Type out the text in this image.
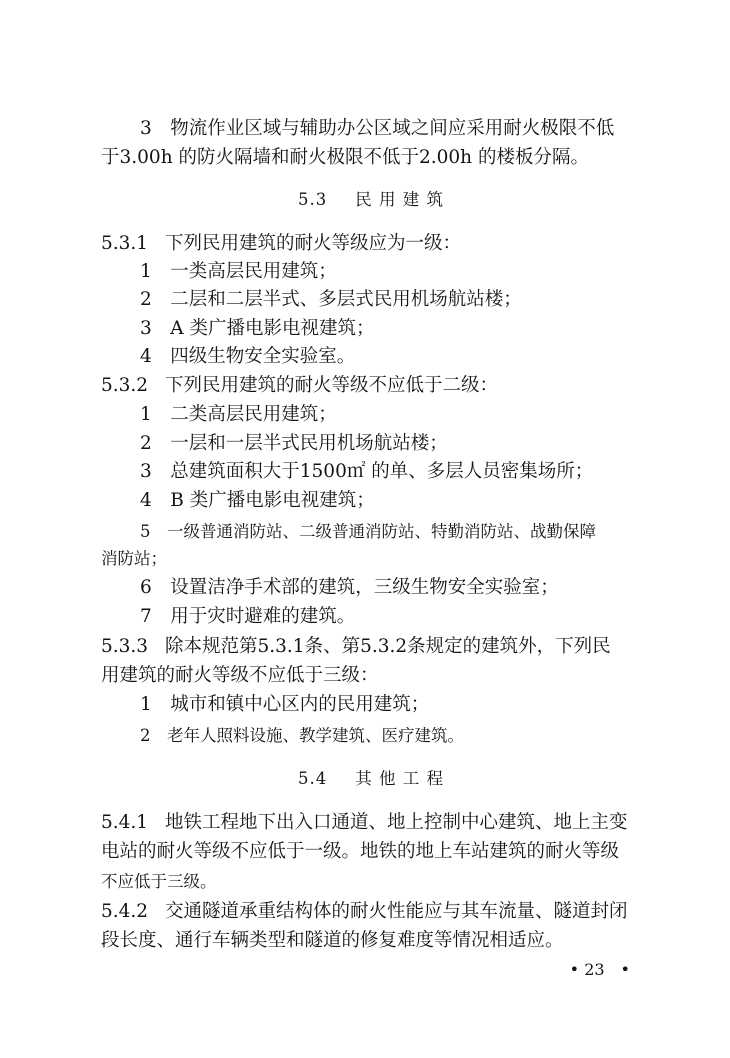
3　物流作业区域与辅助办公区域之间应采用耐火极限不低
于3.00h 的防火隔墙和耐火极限不低于2.00h 的楼板分隔。
5.3 民 用 建 筑
5.3.1 下列民用建筑的耐火等级应为一级：
1　一类高层民用建筑；
2　二层和二层半式、多层式民用机场航站楼；
3　A 类广播电影电视建筑；
4　四级生物安全实验室。
5.3.2 下列民用建筑的耐火等级不应低于二级：
1　二类高层民用建筑；
2　一层和一层半式民用机场航站楼；
3　总建筑面积大于1500㎡ 的单、多层人员密集场所；
4　B 类广播电影电视建筑；
5　一级普通消防站、二级普通消防站、特勤消防站、战勤保障
消防站；
6　设置洁净手术部的建筑，三级生物安全实验室；
7　用于灾时避难的建筑。
5.3.3 除本规范第5.3.1条、第5.3.2条规定的建筑外，下列民
用建筑的耐火等级不应低于三级：
1　城市和镇中心区内的民用建筑；
2　老年人照料设施、教学建筑、医疗建筑。
5.4 其 他 工 程
5.4.1 地铁工程地下出入口通道、地上控制中心建筑、地上主变
电站的耐火等级不应低于一级。地铁的地上车站建筑的耐火等级
不应低于三级。
5.4.2 交通隧道承重结构体的耐火性能应与其车流量、隧道封闭
段长度、通行车辆类型和隧道的修复难度等情况相适应。
• 23　•
